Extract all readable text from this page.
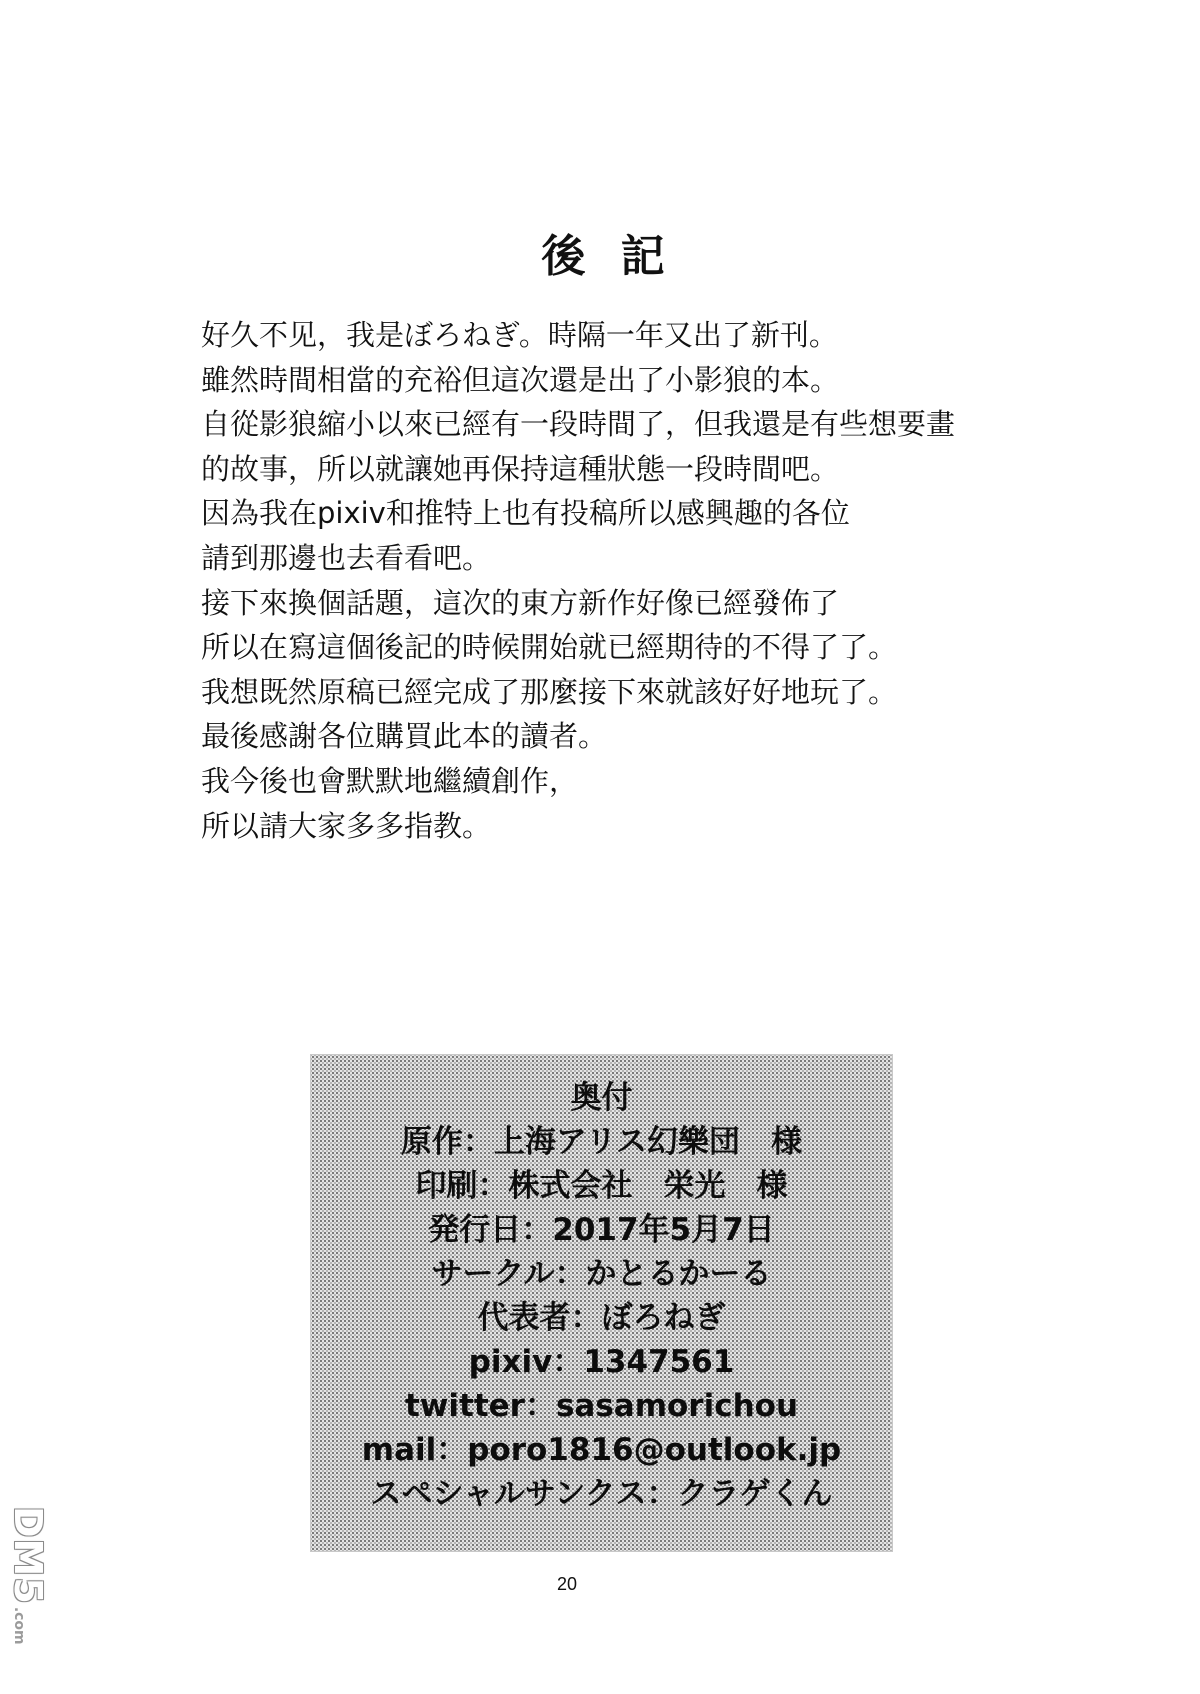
後 記
好久不见，我是ぼろねぎ。時隔一年又出了新刊。
雖然時間相當的充裕但這次還是出了小影狼的本。
自從影狼縮小以來已經有一段時間了，但我還是有些想要畫
的故事，所以就讓她再保持這種狀態一段時間吧。
因為我在pixiv和推特上也有投稿所以感興趣的各位
請到那邊也去看看吧。
接下來換個話題，這次的東方新作好像已經發佈了
所以在寫這個後記的時候開始就已經期待的不得了了。
我想既然原稿已經完成了那麼接下來就該好好地玩了。
最後感謝各位購買此本的讀者。
我今後也會默默地繼續創作，
所以請大家多多指教。
奥付
原作：上海アリス幻樂団　様
印刷：株式会社　栄光　様
発行日：2017年5月7日
サークル：かとるかーる
代表者：ぼろねぎ
pixiv：1347561
twitter：sasamorichou
mail：poro1816@outlook.jp
スペシャルサンクス：クラゲくん
20
DM5.com
